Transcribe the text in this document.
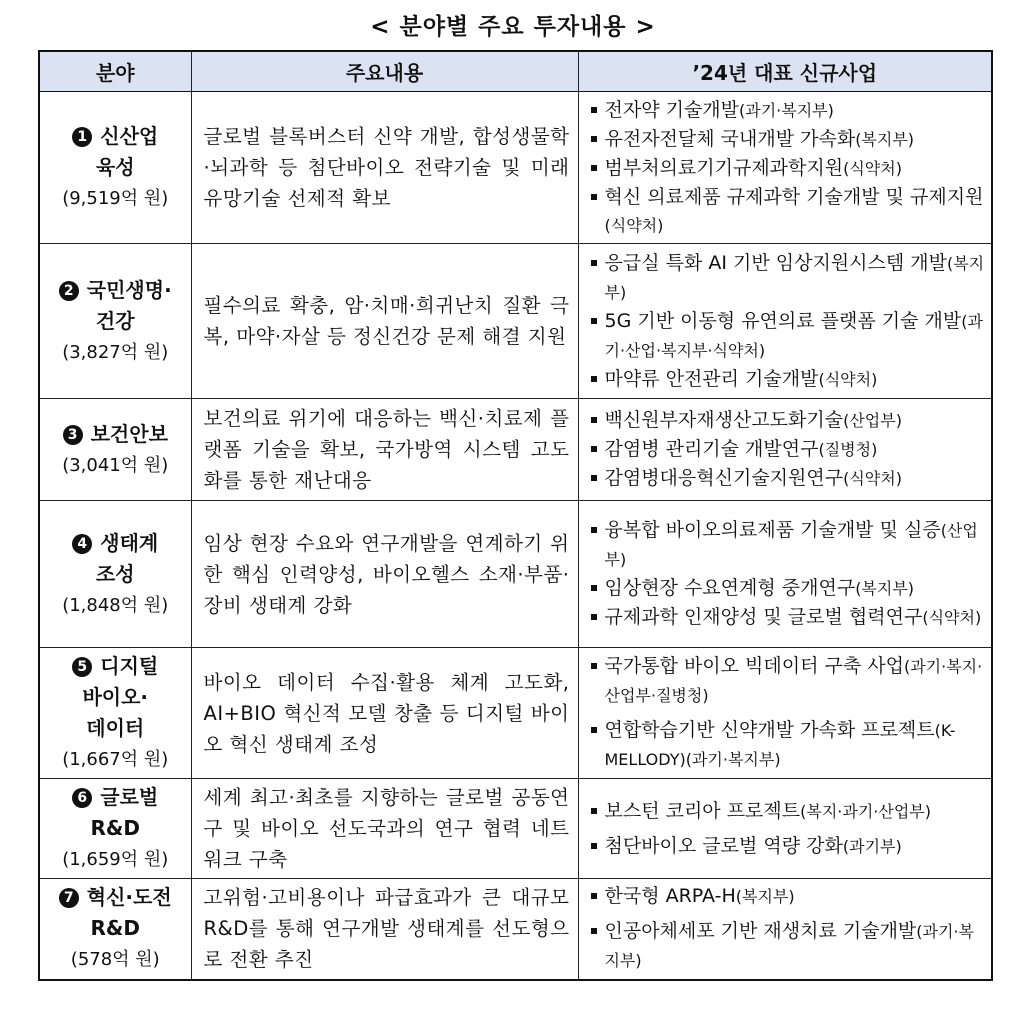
< 분야별 주요 투자내용 >
분야	주요내용	’24년 대표 신규사업

1 신산업
육성
(9,519억 원)
	글로벌 블록버스터 신약 개발, 합성생물학·뇌과학 등 첨단바이오 전략기술 및 미래 유망기술 선제적 확보	
전자약 기술개발(과기·복지부)
유전자전달체 국내개발 가속화(복지부)
범부처의료기기규제과학지원(식약처)
혁신 의료제품 규제과학 기술개발 및 규제지원(식약처)

2 국민생명·
건강
(3,827억 원)
	필수의료 확충, 암·치매·희귀난치 질환 극복, 마약·자살 등 정신건강 문제 해결 지원	
응급실 특화 AI 기반 임상지원시스템 개발(복지부)
5G 기반 이동형 유연의료 플랫폼 기술 개발(과기·산업·복지부·식약처)
마약류 안전관리 기술개발(식약처)

3 보건안보
(3,041억 원)
	보건의료 위기에 대응하는 백신·치료제 플랫폼 기술을 확보, 국가방역 시스템 고도화를 통한 재난대응	
백신원부자재생산고도화기술(산업부)
감염병 관리기술 개발연구(질병청)
감염병대응혁신기술지원연구(식약처)

4 생태계
조성
(1,848억 원)
	임상 현장 수요와 연구개발을 연계하기 위한 핵심 인력양성, 바이오헬스 소재·부품·장비 생태계 강화	
융복합 바이오의료제품 기술개발 및 실증(산업부)
임상현장 수요연계형 중개연구(복지부)
규제과학 인재양성 및 글로벌 협력연구(식약처)

5 디지털
바이오·
데이터
(1,667억 원)
	바이오 데이터 수집·활용 체계 고도화, AI+BIO 혁신적 모델 창출 등 디지털 바이오 혁신 생태계 조성	
국가통합 바이오 빅데이터 구축 사업(과기·복지·산업부·질병청)
연합학습기반 신약개발 가속화 프로젝트(K-MELLODY)(과기·복지부)

6 글로벌
R&D
(1,659억 원)
	세계 최고·최초를 지향하는 글로벌 공동연구 및 바이오 선도국과의 연구 협력 네트워크 구축	
보스턴 코리아 프로젝트(복지·과기·산업부)
첨단바이오 글로벌 역량 강화(과기부)

7 혁신·도전
R&D
(578억 원)
	고위험·고비용이나 파급효과가 큰 대규모 R&D를 통해 연구개발 생태계를 선도형으로 전환 추진	
한국형 ARPA-H(복지부)
인공아체세포 기반 재생치료 기술개발(과기·복지부)
